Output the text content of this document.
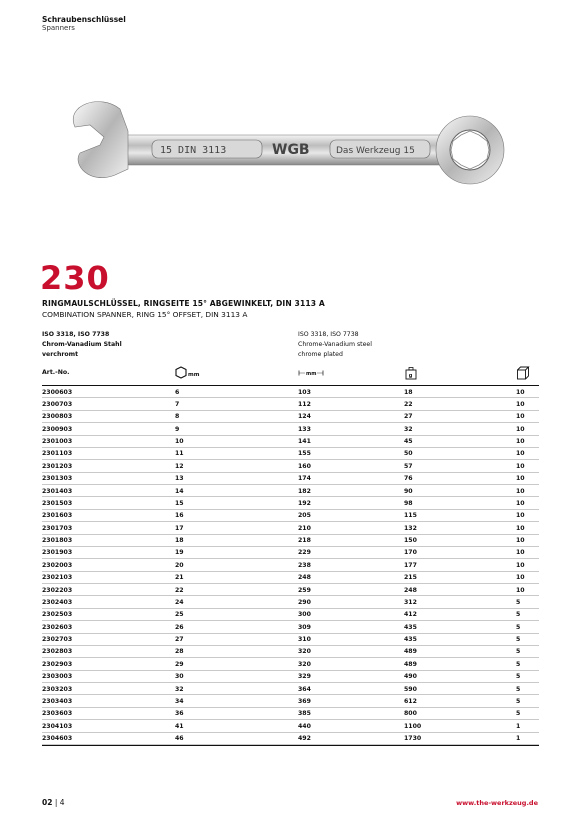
Schraubenschlüssel
Spanners
15 DIN 3113	WGB	Das Werkzeug 15
230
RINGMAULSCHLÜSSEL, RINGSEITE 15° ABGEWINKELT, DIN 3113 A
COMBINATION SPANNER, RING 15° OFFSET, DIN 3113 A
ISO 3318, ISO 7738
Chrom-Vanadium Stahl
verchromt
ISO 3318, ISO 7738
Chrome-Vanadium steel
chrome plated
Art.-No.	mm	mm	g
2300603	6	103	18	10
2300703	7	112	22	10
2300803	8	124	27	10
2300903	9	133	32	10
2301003	10	141	45	10
2301103	11	155	50	10
2301203	12	160	57	10
2301303	13	174	76	10
2301403	14	182	90	10
2301503	15	192	98	10
2301603	16	205	115	10
2301703	17	210	132	10
2301803	18	218	150	10
2301903	19	229	170	10
2302003	20	238	177	10
2302103	21	248	215	10
2302203	22	259	248	10
2302403	24	290	312	5
2302503	25	300	412	5
2302603	26	309	435	5
2302703	27	310	435	5
2302803	28	320	489	5
2302903	29	320	489	5
2303003	30	329	490	5
2303203	32	364	590	5
2303403	34	369	612	5
2303603	36	385	800	5
2304103	41	440	1100	1
2304603	46	492	1730	1
02 | 4	www.the-werkzeug.de
